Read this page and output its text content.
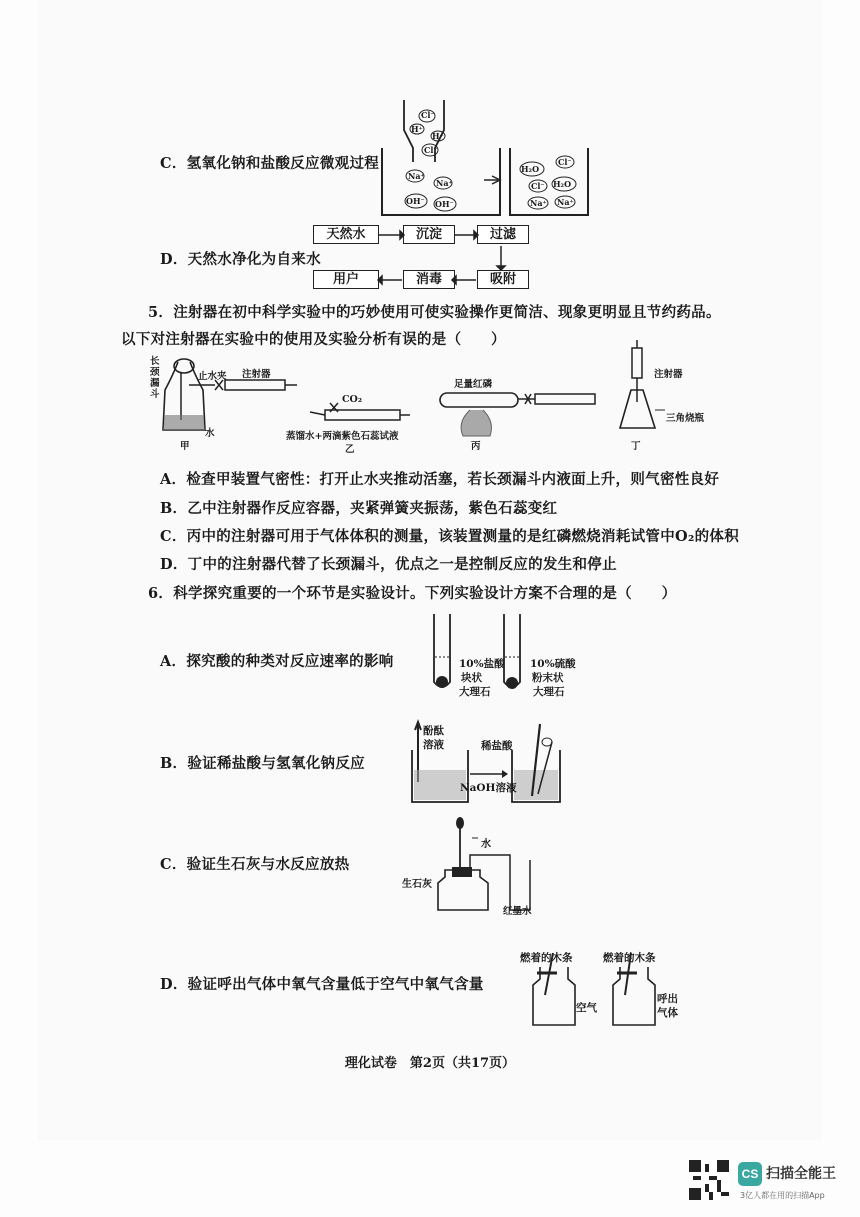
C．氢氧化钠和盐酸反应微观过程
Cl⁻
H⁺
H⁺
Cl⁻
Na⁺
Na⁺
OH⁻ OH⁻
H₂O
Cl⁻
Cl⁻ H₂O
Na⁺ Na⁺
D．天然水净化为自来水
天然水	沉淀	过滤
吸附
消毒
用户
5．注射器在初中科学实验中的巧妙使用可使实验操作更简洁、现象更明显且节约药品。
以下对注射器在实验中的使用及实验分析有误的是（　　）
长
颈
漏
斗
止水夹 注射器
水
甲
CO₂
蒸馏水+两滴紫色石蕊试液
乙
足量红磷
丙
注射器
三角烧瓶
丁
A．检查甲装置气密性：打开止水夹推动活塞，若长颈漏斗内液面上升，则气密性良好
B．乙中注射器作反应容器，夹紧弹簧夹振荡，紫色石蕊变红
C．丙中的注射器可用于气体体积的测量，该装置测量的是红磷燃烧消耗试管中O₂的体积
D．丁中的注射器代替了长颈漏斗，优点之一是控制反应的发生和停止
6．科学探究重要的一个环节是实验设计。下列实验设计方案不合理的是（　　）
A．探究酸的种类对反应速率的影响	10%盐酸
块状
大理石
10%硫酸
粉末状
大理石
B．验证稀盐酸与氢氧化钠反应
酚酞
溶液	稀盐酸
NaOH溶液
C．验证生石灰与水反应放热
水
生石灰
红墨水
D．验证呼出气体中氧气含量低于空气中氧气含量
燃着的木条	燃着的木条
空气
呼出
气体
理化试卷　第2页（共17页）
CS 扫描全能王
3亿人都在用的扫描App
